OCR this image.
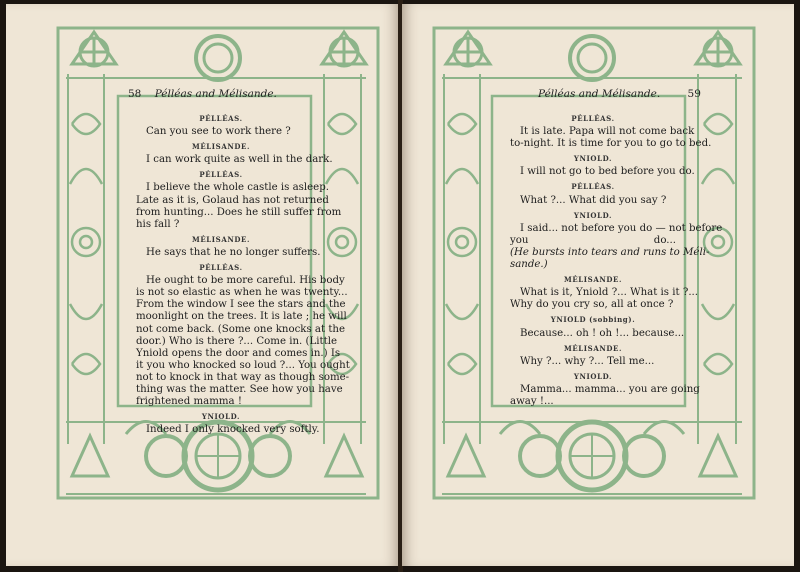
58 Pélléas and Mélisande.
PÉLLÉAS.
Can you see to work there ?
MÉLISANDE.
I can work quite as well in the dark.
PÉLLÉAS.
I believe the whole castle is asleep.
Late as it is, Golaud has not returned
from hunting... Does he still suffer from
his fall ?
MÉLISANDE.
He says that he no longer suffers.
PÉLLÉAS.
He ought to be more careful. His body
is not so elastic as when he was twenty...
From the window I see the stars and the
moonlight on the trees. It is late ; he will
not come back. (Some one knocks at the
door.) Who is there ?... Come in. (Little
Yniold opens the door and comes in.) Is
it you who knocked so loud ?... You ought
not to knock in that way as though some-
thing was the matter. See how you have
frightened mamma !
YNIOLD.
Indeed I only knocked very softly.
Pélléas and Mélisande.	59
PÉLLÉAS.
It is late. Papa will not come back
to-night. It is time for you to go to bed.
YNIOLD.
I will not go to bed before you do.
PÉLLÉAS.
What ?... What did you say ?
YNIOLD.
I said... not before you do — not before
you do...
(He bursts into tears and runs to Méli-
sande.)
MÉLISANDE.
What is it, Yniold ?... What is it ?...
Why do you cry so, all at once ?
YNIOLD (sobbing).
Because... oh ! oh !... because...
MÉLISANDE.
Why ?... why ?... Tell me...
YNIOLD.
Mamma... mamma... you are going
away !...
